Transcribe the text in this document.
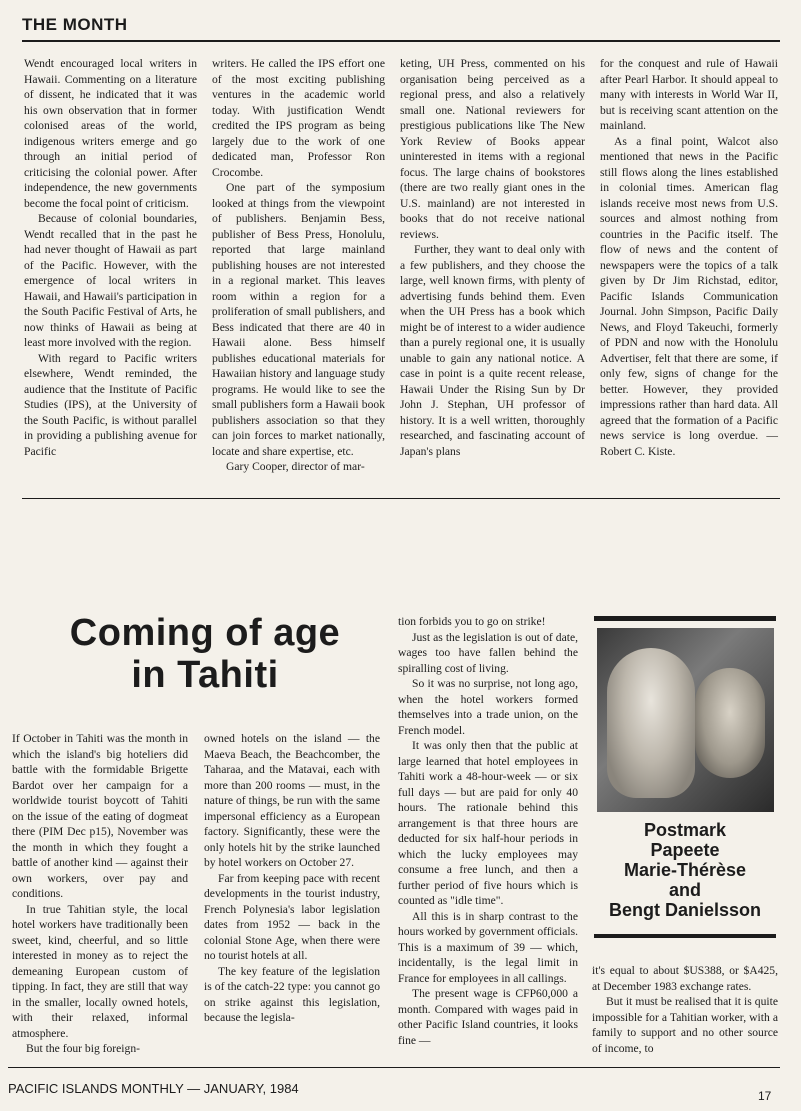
THE MONTH

Wendt encouraged local writers in Hawaii. Commenting on a literature of dissent, he indicated that it was his own observation that in former colonised areas of the world, indigenous writers emerge and go through an initial period of criticising the colonial power. After independence, the new governments become the focal point of criticism.

Because of colonial boundaries, Wendt recalled that in the past he had never thought of Hawaii as part of the Pacific. However, with the emergence of local writers in Hawaii, and Hawaii's participation in the South Pacific Festival of Arts, he now thinks of Hawaii as being at least more involved with the region.

With regard to Pacific writers elsewhere, Wendt reminded, the audience that the Institute of Pacific Studies (IPS), at the University of the South Pacific, is without parallel in providing a publishing avenue for Pacific

writers. He called the IPS effort one of the most exciting publishing ventures in the academic world today. With justification Wendt credited the IPS program as being largely due to the work of one dedicated man, Professor Ron Crocombe.

One part of the symposium looked at things from the viewpoint of publishers. Benjamin Bess, publisher of Bess Press, Honolulu, reported that large mainland publishing houses are not interested in a regional market. This leaves room within a region for a proliferation of small publishers, and Bess indicated that there are 40 in Hawaii alone. Bess himself publishes educational materials for Hawaiian history and language study programs. He would like to see the small publishers form a Hawaii book publishers association so that they can join forces to market nationally, locate and share expertise, etc.

Gary Cooper, director of mar-

keting, UH Press, commented on his organisation being perceived as a regional press, and also a relatively small one. National reviewers for prestigious publications like The New York Review of Books appear uninterested in items with a regional focus. The large chains of bookstores (there are two really giant ones in the U.S. mainland) are not interested in books that do not receive national reviews.

Further, they want to deal only with a few publishers, and they choose the large, well known firms, with plenty of advertising funds behind them. Even when the UH Press has a book which might be of interest to a wider audience than a purely regional one, it is usually unable to gain any national notice. A case in point is a quite recent release, Hawaii Under the Rising Sun by Dr John J. Stephan, UH professor of history. It is a well written, thoroughly researched, and fascinating account of Japan's plans

for the conquest and rule of Hawaii after Pearl Harbor. It should appeal to many with interests in World War II, but is receiving scant attention on the mainland.

As a final point, Walcot also mentioned that news in the Pacific still flows along the lines established in colonial times. American flag islands receive most news from U.S. sources and almost nothing from countries in the Pacific itself. The flow of news and the content of newspapers were the topics of a talk given by Dr Jim Richstad, editor, Pacific Islands Communication Journal. John Simpson, Pacific Daily News, and Floyd Takeuchi, formerly of PDN and now with the Honolulu Advertiser, felt that there are some, if only few, signs of change for the better. However, they provided impressions rather than hard data. All agreed that the formation of a Pacific news service is long overdue. — Robert C. Kiste.

Coming of age
in Tahiti

If October in Tahiti was the month in which the island's big hoteliers did battle with the formidable Brigette Bardot over her campaign for a worldwide tourist boycott of Tahiti on the issue of the eating of dogmeat there (PIM Dec p15), November was the month in which they fought a battle of another kind — against their own workers, over pay and conditions.

In true Tahitian style, the local hotel workers have traditionally been sweet, kind, cheerful, and so little interested in money as to reject the demeaning European custom of tipping. In fact, they are still that way in the smaller, locally owned hotels, with their relaxed, informal atmosphere.

But the four big foreign-

owned hotels on the island — the Maeva Beach, the Beachcomber, the Taharaa, and the Matavai, each with more than 200 rooms — must, in the nature of things, be run with the same impersonal efficiency as a European factory. Significantly, these were the only hotels hit by the strike launched by hotel workers on October 27.

Far from keeping pace with recent developments in the tourist industry, French Polynesia's labor legislation dates from 1952 — back in the colonial Stone Age, when there were no tourist hotels at all.

The key feature of the legislation is of the catch-22 type: you cannot go on strike against this legislation, because the legisla-

tion forbids you to go on strike!

Just as the legislation is out of date, wages too have fallen behind the spiralling cost of living.

So it was no surprise, not long ago, when the hotel workers formed themselves into a trade union, on the French model.

It was only then that the public at large learned that hotel employees in Tahiti work a 48-hour-week — or six full days — but are paid for only 40 hours. The rationale behind this arrangement is that three hours are deducted for six half-hour periods in which the lucky employees may consume a free lunch, and then a further period of five hours which is counted as "idle time".

All this is in sharp contrast to the hours worked by government officials. This is a maximum of 39 — which, incidentally, is the legal limit in France for employees in all callings.

The present wage is CFP60,000 a month. Compared with wages paid in other Pacific Island countries, it looks fine —

Postmark
Papeete
Marie-Thérèse
and
Bengt Danielsson

it's equal to about $US388, or $A425, at December 1983 exchange rates.

But it must be realised that it is quite impossible for a Tahitian worker, with a family to support and no other source of income, to

PACIFIC ISLANDS MONTHLY — JANUARY, 1984	17
